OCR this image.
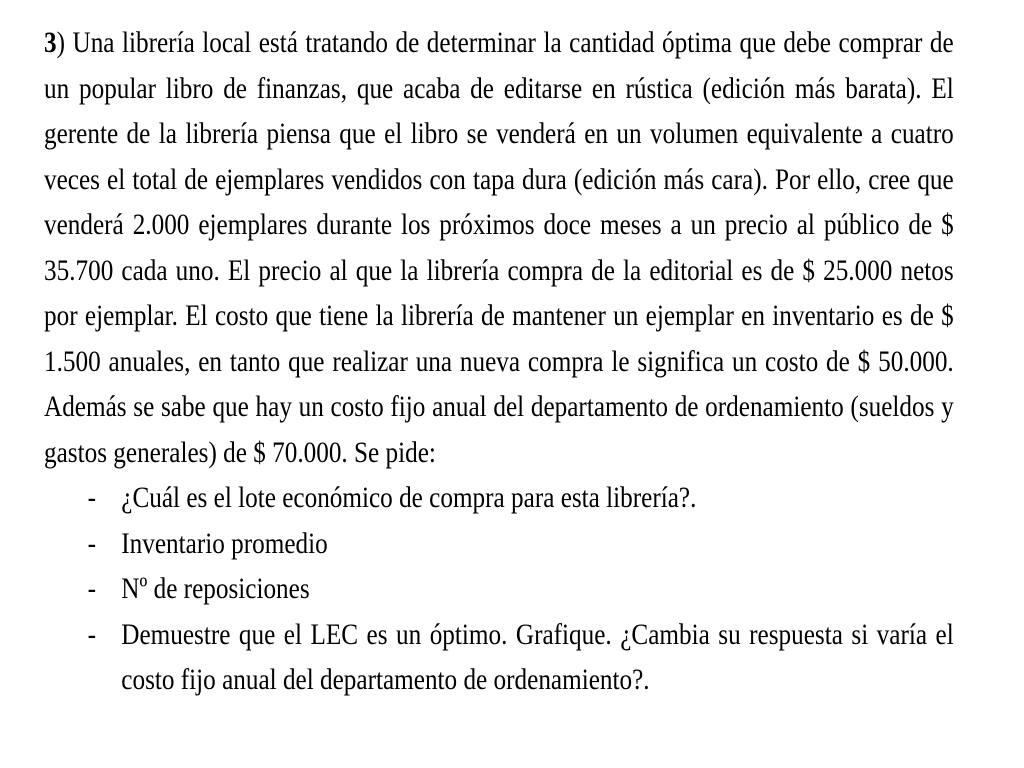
3) Una librería local está tratando de determinar la cantidad óptima que debe comprar de un popular libro de finanzas, que acaba de editarse en rústica (edición más barata). El gerente de la librería piensa que el libro se venderá en un volumen equivalente a cuatro veces el total de ejemplares vendidos con tapa dura (edición más cara). Por ello, cree que venderá 2.000 ejemplares durante los próximos doce meses a un precio al público de $ 35.700 cada uno. El precio al que la librería compra de la editorial es de $ 25.000 netos por ejemplar. El costo que tiene la librería de mantener un ejemplar en inventario es de $ 1.500 anuales, en tanto que realizar una nueva compra le significa un costo de $ 50.000. Además se sabe que hay un costo fijo anual del departamento de ordenamiento (sueldos y gastos generales) de $ 70.000. Se pide:

- ¿Cuál es el lote económico de compra para esta librería?.
- Inventario promedio
- Nº de reposiciones
- Demuestre que el LEC es un óptimo. Grafique. ¿Cambia su respuesta si varía el costo fijo anual del departamento de ordenamiento?.
